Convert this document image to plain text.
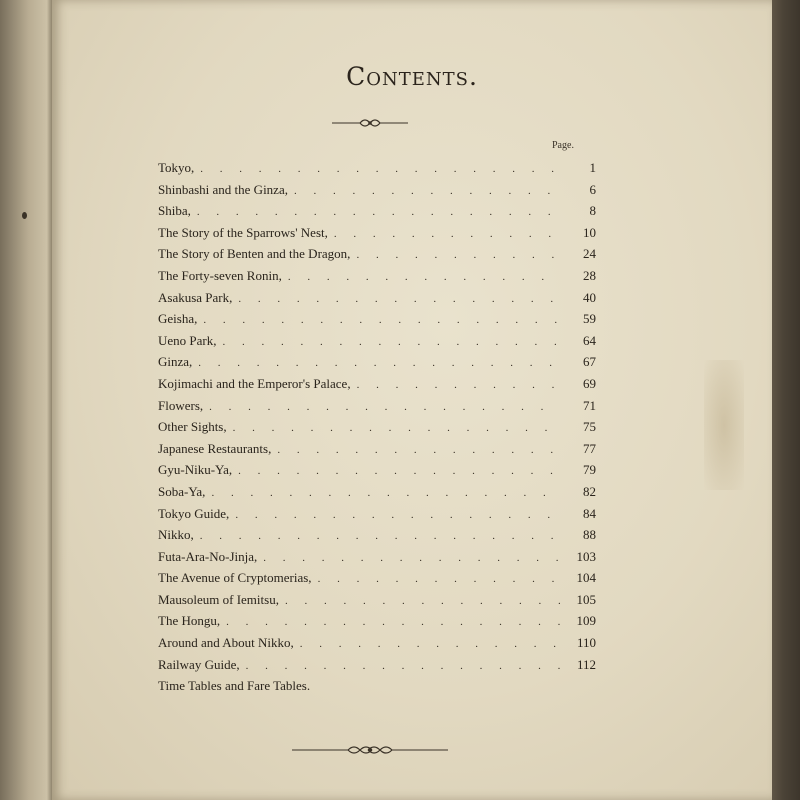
Contents.
Page.
Tokyo, . . .	1
Shinbashi and the Ginza, . . .	6
Shiba, . . .	8
The Story of the Sparrows' Nest, . . .	10
The Story of Benten and the Dragon, . . .	24
The Forty-seven Ronin, . . .	28
Asakusa Park, . . .	40
Geisha, . . .	59
Ueno Park, . . .	64
Ginza, . . .	67
Kojimachi and the Emperor's Palace, . . .	69
Flowers, . . .	71
Other Sights, . . .	75
Japanese Restaurants, . . .	77
Gyu-Niku-Ya, . . .	79
Soba-Ya, . . .	82
Tokyo Guide, . . .	84
Nikko, . . .	88
Futa-Ara-No-Jinja, . . .	103
The Avenue of Cryptomerias, . . .	104
Mausoleum of Iemitsu, . . .	105
The Hongu, . . .	109
Around and About Nikko, . . .	110
Railway Guide, . . .	112
Time Tables and Fare Tables.
